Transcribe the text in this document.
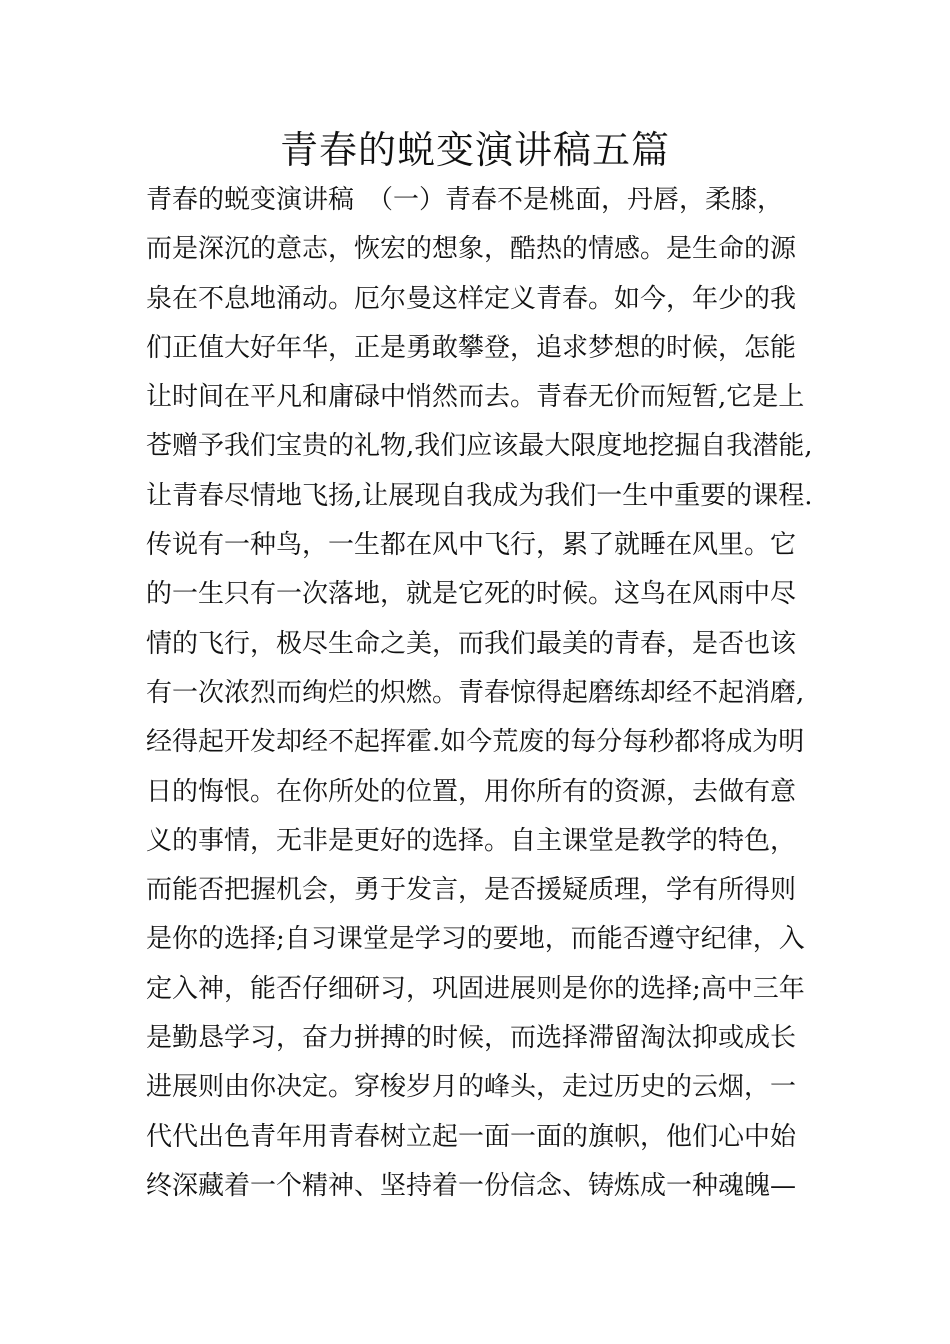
青春的蜕变演讲稿五篇
青春的蜕变演讲稿　（一）青春不是桃面，丹唇，柔膝，
而是深沉的意志，恢宏的想象，酷热的情感。是生命的源
泉在不息地涌动。厄尔曼这样定义青春。如今，年少的我
们正值大好年华，正是勇敢攀登，追求梦想的时候，怎能
让时间在平凡和庸碌中悄然而去。青春无价而短暂,它是上
苍赠予我们宝贵的礼物,我们应该最大限度地挖掘自我潜能,
让青春尽情地飞扬,让展现自我成为我们一生中重要的课程.
传说有一种鸟，一生都在风中飞行，累了就睡在风里。它
的一生只有一次落地，就是它死的时候。这鸟在风雨中尽
情的飞行，极尽生命之美，而我们最美的青春，是否也该
有一次浓烈而绚烂的炽燃。青春惊得起磨练却经不起消磨,
经得起开发却经不起挥霍.如今荒废的每分每秒都将成为明
日的悔恨。在你所处的位置，用你所有的资源，去做有意
义的事情，无非是更好的选择。自主课堂是教学的特色，
而能否把握机会，勇于发言，是否援疑质理，学有所得则
是你的选择;自习课堂是学习的要地，而能否遵守纪律，入
定入神，能否仔细研习，巩固进展则是你的选择;高中三年
是勤恳学习，奋力拼搏的时候，而选择滞留淘汰抑或成长
进展则由你决定。穿梭岁月的峰头，走过历史的云烟，一
代代出色青年用青春树立起一面一面的旗帜，他们心中始
终深藏着一个精神、坚持着一份信念、铸炼成一种魂魄—
